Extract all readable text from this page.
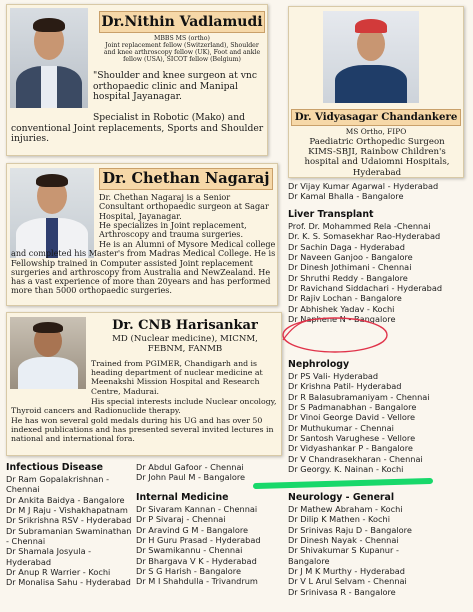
Dr.Nithin Vadlamudi
MBBS MS (ortho)
Joint replacement fellow (Switzerland), Shoulder and knee arthroscopy fellow (UK), Foot and ankle fellow (USA), SICOT fellow (Belgium)
"Shoulder and knee surgeon at vnc orthopaedic clinic and Manipal hospital Jayanagar.
Specialist in Robotic (Mako) and conventional Joint replacements, Sports and Shoulder injuries.
Dr. Vidyasagar Chandankere
MS Ortho, FIPO
Paediatric Orthopedic Surgeon KIMS-SBJI, Rainbow Children's hospital and Udaiomni Hospitals, Hyderabad
Dr. Chethan Nagaraj
Dr. Chethan Nagaraj is a Senior Consultant orthopaedic surgeon at Sagar Hospital, Jayanagar.
He specializes in Joint replacement, Arthroscopy and trauma surgeries.
He is an Alumni of Mysore Medical college and completed his Master's from Madras Medical College. He is Fellowship trained in Computer assisted Joint replacement surgeries and arthroscopy from Australia and NewZealand. He has a vast experience of more than 20years and has performed more than 5000 orthopaedic surgeries.
Dr. CNB Harisankar
MD (Nuclear medicine), MICNM, FEBNM, FANMB
Trained from PGIMER, Chandigarh and is heading department of nuclear medicine at Meenakshi Mission Hospital and Research Centre, Madurai.
His special interests include Nuclear oncology, Thyroid cancers and Radionuclide therapy.
He has won several gold medals during his UG and has over 50 indexed publications and has presented several invited lectures in national and international fora.
Dr Vijay Kumar Agarwal - Hyderabad
Dr Kamal Bhalla - Bangalore
Liver Transplant
Prof. Dr. Mohammed Rela -Chennai
Dr. K. S. Somasekhar Rao-Hyderabad
Dr Sachin Daga - Hyderabad
Dr Naveen Ganjoo - Bangalore
Dr Dinesh Jothimani - Chennai
Dr Shruthi Reddy - Bangalore
Dr Ravichand Siddachari - Hyderabad
Dr Rajiv Lochan - Bangalore
Dr Abhishek Yadav - Kochi
Dr Naphene N - Bangalore
Nephrology
Dr PS Vali- Hyderabad
Dr Krishna Patil- Hyderabad
Dr R Balasubramaniyam - Chennai
Dr S Padmanabhan - Bangalore
Dr Vinoi George David - Vellore
Dr Muthukumar - Chennai
Dr Santosh Varughese - Vellore
Dr Vidyashankar P - Bangalore
Dr V Chandrasekharan - Chennai
Dr Georgy. K. Nainan - Kochi
Neurology - General
Dr Mathew Abraham - Kochi
Dr Dilip K Mathen - Kochi
Dr Srinivas Raju D - Bangalore
Dr Dinesh Nayak - Chennai
Dr Shivakumar S Kupanur - Bangalore
Dr J M K Murthy - Hyderabad
Dr V L Arul Selvam - Chennai
Dr Srinivasa R - Bangalore
Infectious Disease
Dr Ram Gopalakrishnan - Chennai
Dr Ankita Baidya - Bangalore
Dr M J Raju - Vishakhapatnam
Dr Srikrishna RSV - Hyderabad
Dr Subramanian Swaminathan - Chennai
Dr Shamala Josyula - Hyderabad
Dr Anup R Warrier - Kochi
Dr Monalisa Sahu - Hyderabad
Dr Abdul Gafoor - Chennai
Dr John Paul M - Bangalore
Internal Medicine
Dr Sivaram Kannan - Chennai
Dr P Sivaraj - Chennai
Dr Aravind G M - Bangalore
Dr H Guru Prasad - Hyderabad
Dr Swamikannu - Chennai
Dr Bhargava V K - Hyderabad
Dr S G Harish - Bangalore
Dr M I Shahdulla - Trivandrum
